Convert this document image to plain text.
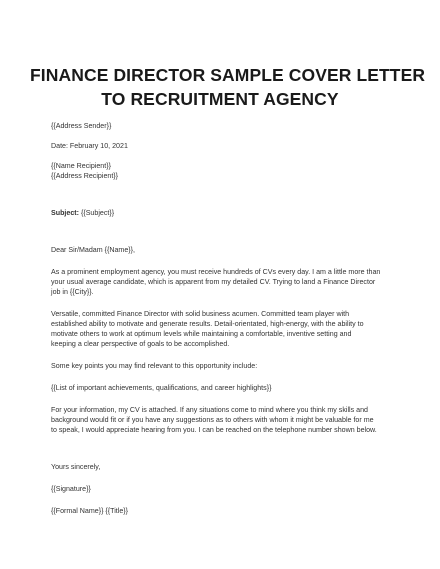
FINANCE DIRECTOR SAMPLE COVER LETTER
TO RECRUITMENT AGENCY

{{Address Sender}}

Date: February 10, 2021

{{Name Recipient}}

{{Address Recipient}}

Subject: {{Subject}}

Dear Sir/Madam {{Name}},

As a prominent employment agency, you must receive hundreds of CVs every day. I am a little more than
your usual average candidate, which is apparent from my detailed CV. Trying to land a Finance Director
job in {{City}}.

Versatile, committed Finance Director with solid business acumen. Committed team player with
established ability to motivate and generate results. Detail-orientated, high-energy, with the ability to
motivate others to work at optimum levels while maintaining a comfortable, inventive setting and
keeping a clear perspective of goals to be accomplished.

Some key points you may find relevant to this opportunity include:

{{List of important achievements, qualifications, and career highlights}}

For your information, my CV is attached. If any situations come to mind where you think my skills and
background would fit or if you have any suggestions as to others with whom it might be valuable for me
to speak, I would appreciate hearing from you. I can be reached on the telephone number shown below.

Yours sincerely,

{{Signature}}

{{Formal Name}} {{Title}}
